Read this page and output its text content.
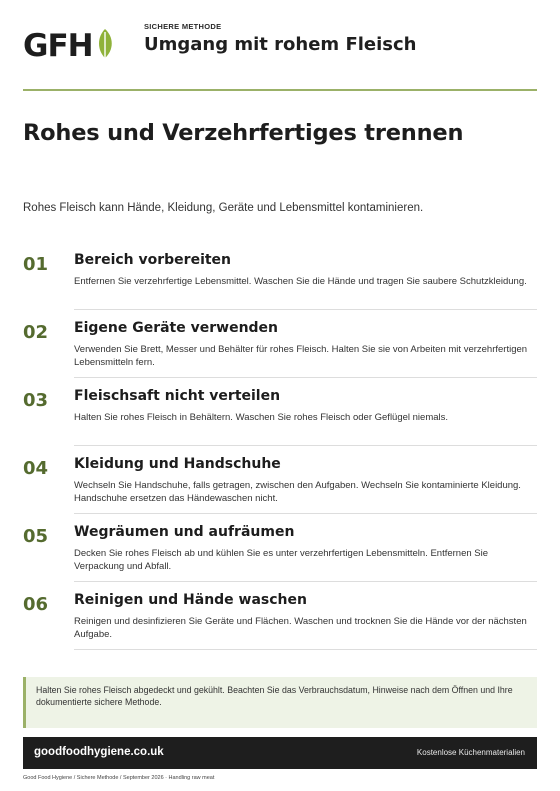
GFH
SICHERE METHODE
Umgang mit rohem Fleisch
Rohes und Verzehrfertiges trennen

Rohes Fleisch kann Hände, Kleidung, Geräte und Lebensmittel kontaminieren.

01 Bereich vorbereiten
Entfernen Sie verzehrfertige Lebensmittel. Waschen Sie die Hände und tragen Sie saubere Schutzkleidung.
02 Eigene Geräte verwenden
Verwenden Sie Brett, Messer und Behälter für rohes Fleisch. Halten Sie sie von Arbeiten mit verzehrfertigen Lebensmitteln fern.
03 Fleischsaft nicht verteilen
Halten Sie rohes Fleisch in Behältern. Waschen Sie rohes Fleisch oder Geflügel niemals.
04 Kleidung und Handschuhe
Wechseln Sie Handschuhe, falls getragen, zwischen den Aufgaben. Wechseln Sie kontaminierte Kleidung. Handschuhe ersetzen das Händewaschen nicht.
05 Wegräumen und aufräumen
Decken Sie rohes Fleisch ab und kühlen Sie es unter verzehrfertigen Lebensmitteln. Entfernen Sie Verpackung und Abfall.
06 Reinigen und Hände waschen
Reinigen und desinfizieren Sie Geräte und Flächen. Waschen und trocknen Sie die Hände vor der nächsten Aufgabe.
Halten Sie rohes Fleisch abgedeckt und gekühlt. Beachten Sie das Verbrauchsdatum, Hinweise nach dem Öffnen und Ihre dokumentierte sichere Methode.
goodfoodhygiene.co.uk	Kostenlose Küchenmaterialien
Good Food Hygiene / Sichere Methode / September 2026 · Handling raw meat
